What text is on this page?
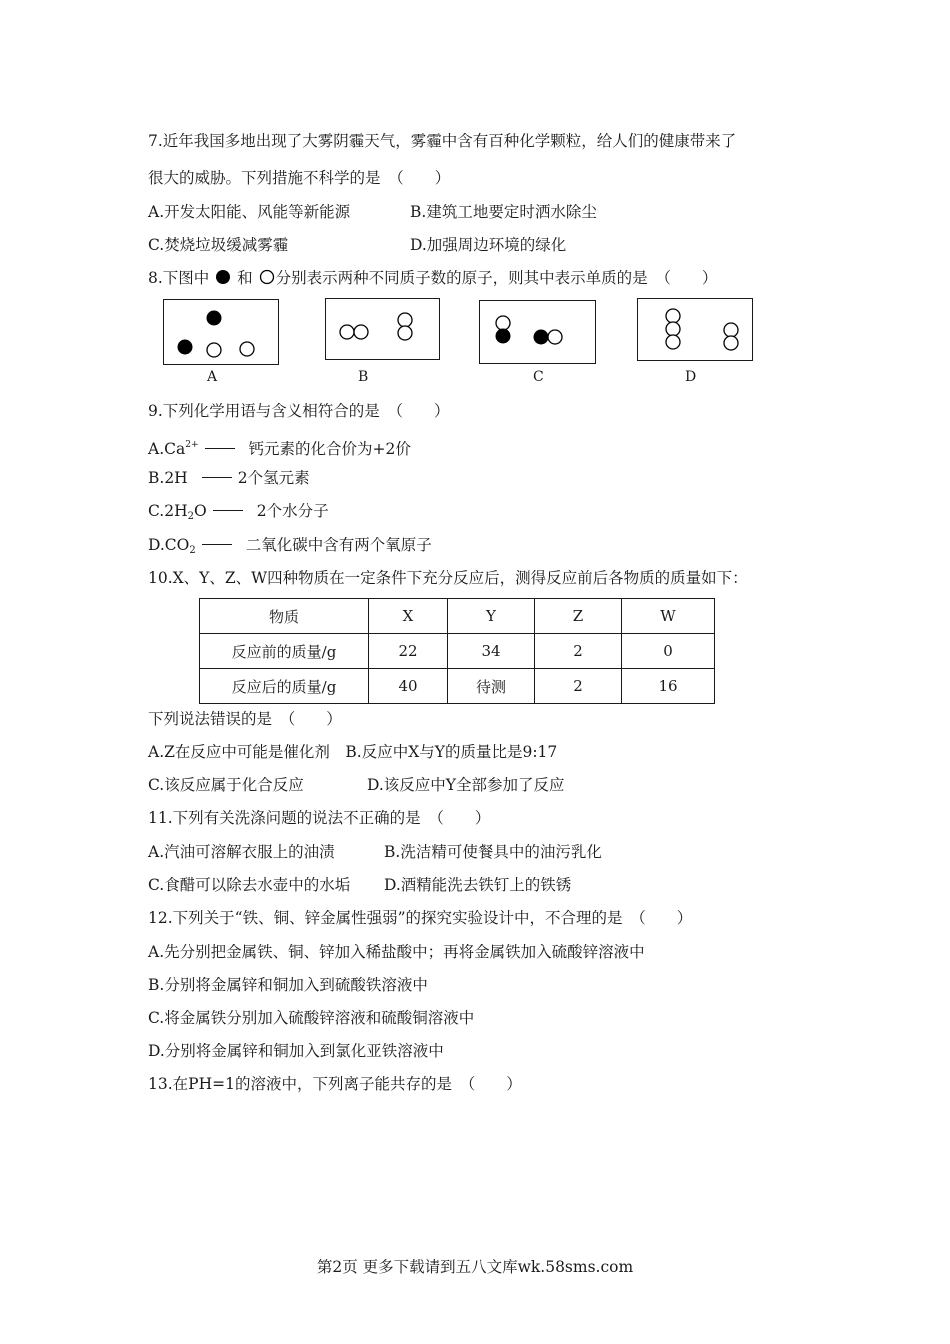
7.近年我国多地出现了大雾阴霾天气，雾霾中含有百种化学颗粒，给人们的健康带来了
很大的威胁。下列措施不科学的是　（　　）
A.开发太阳能、风能等新能源	B.建筑工地要定时洒水除尘
C.焚烧垃圾缓减雾霾	D.加强周边环境的绿化
8.下图中 和 分别表示两种不同质子数的原子，则其中表示单质的是　（　　）
A	B	C	D
9.下列化学用语与含义相符合的是　（　　）
$A.Ca^{2+}$	钙元素的化合价为+2价
B.2H	2个氢元素
$C.2H_2O$	2个水分子
$D.CO_2$	二氧化碳中含有两个氧原子
10.X、Y、Z、W四种物质在一定条件下充分反应后，测得反应前后各物质的质量如下：
物质	X	Y	Z	W
反应前的质量/g	22	34	2	0
反应后的质量/g	40	待测	2	16
下列说法错误的是　（　　）
A.Z在反应中可能是催化剂　B.反应中X与Y的质量比是9:17
C.该反应属于化合反应	D.该反应中Y全部参加了反应
11.下列有关洗涤问题的说法不正确的是　（　　）
A.汽油可溶解衣服上的油渍	B.洗洁精可使餐具中的油污乳化
C.食醋可以除去水壶中的水垢 D.酒精能洗去铁钉上的铁锈
12.下列关于“铁、铜、锌金属性强弱”的探究实验设计中，不合理的是　（　　）
A.先分别把金属铁、铜、锌加入稀盐酸中；再将金属铁加入硫酸锌溶液中
B.分别将金属锌和铜加入到硫酸铁溶液中
C.将金属铁分别加入硫酸锌溶液和硫酸铜溶液中
D.分别将金属锌和铜加入到氯化亚铁溶液中
13.在PH=1的溶液中，下列离子能共存的是　（　　）
第2页 更多下载请到五八文库wk.58sms.com
